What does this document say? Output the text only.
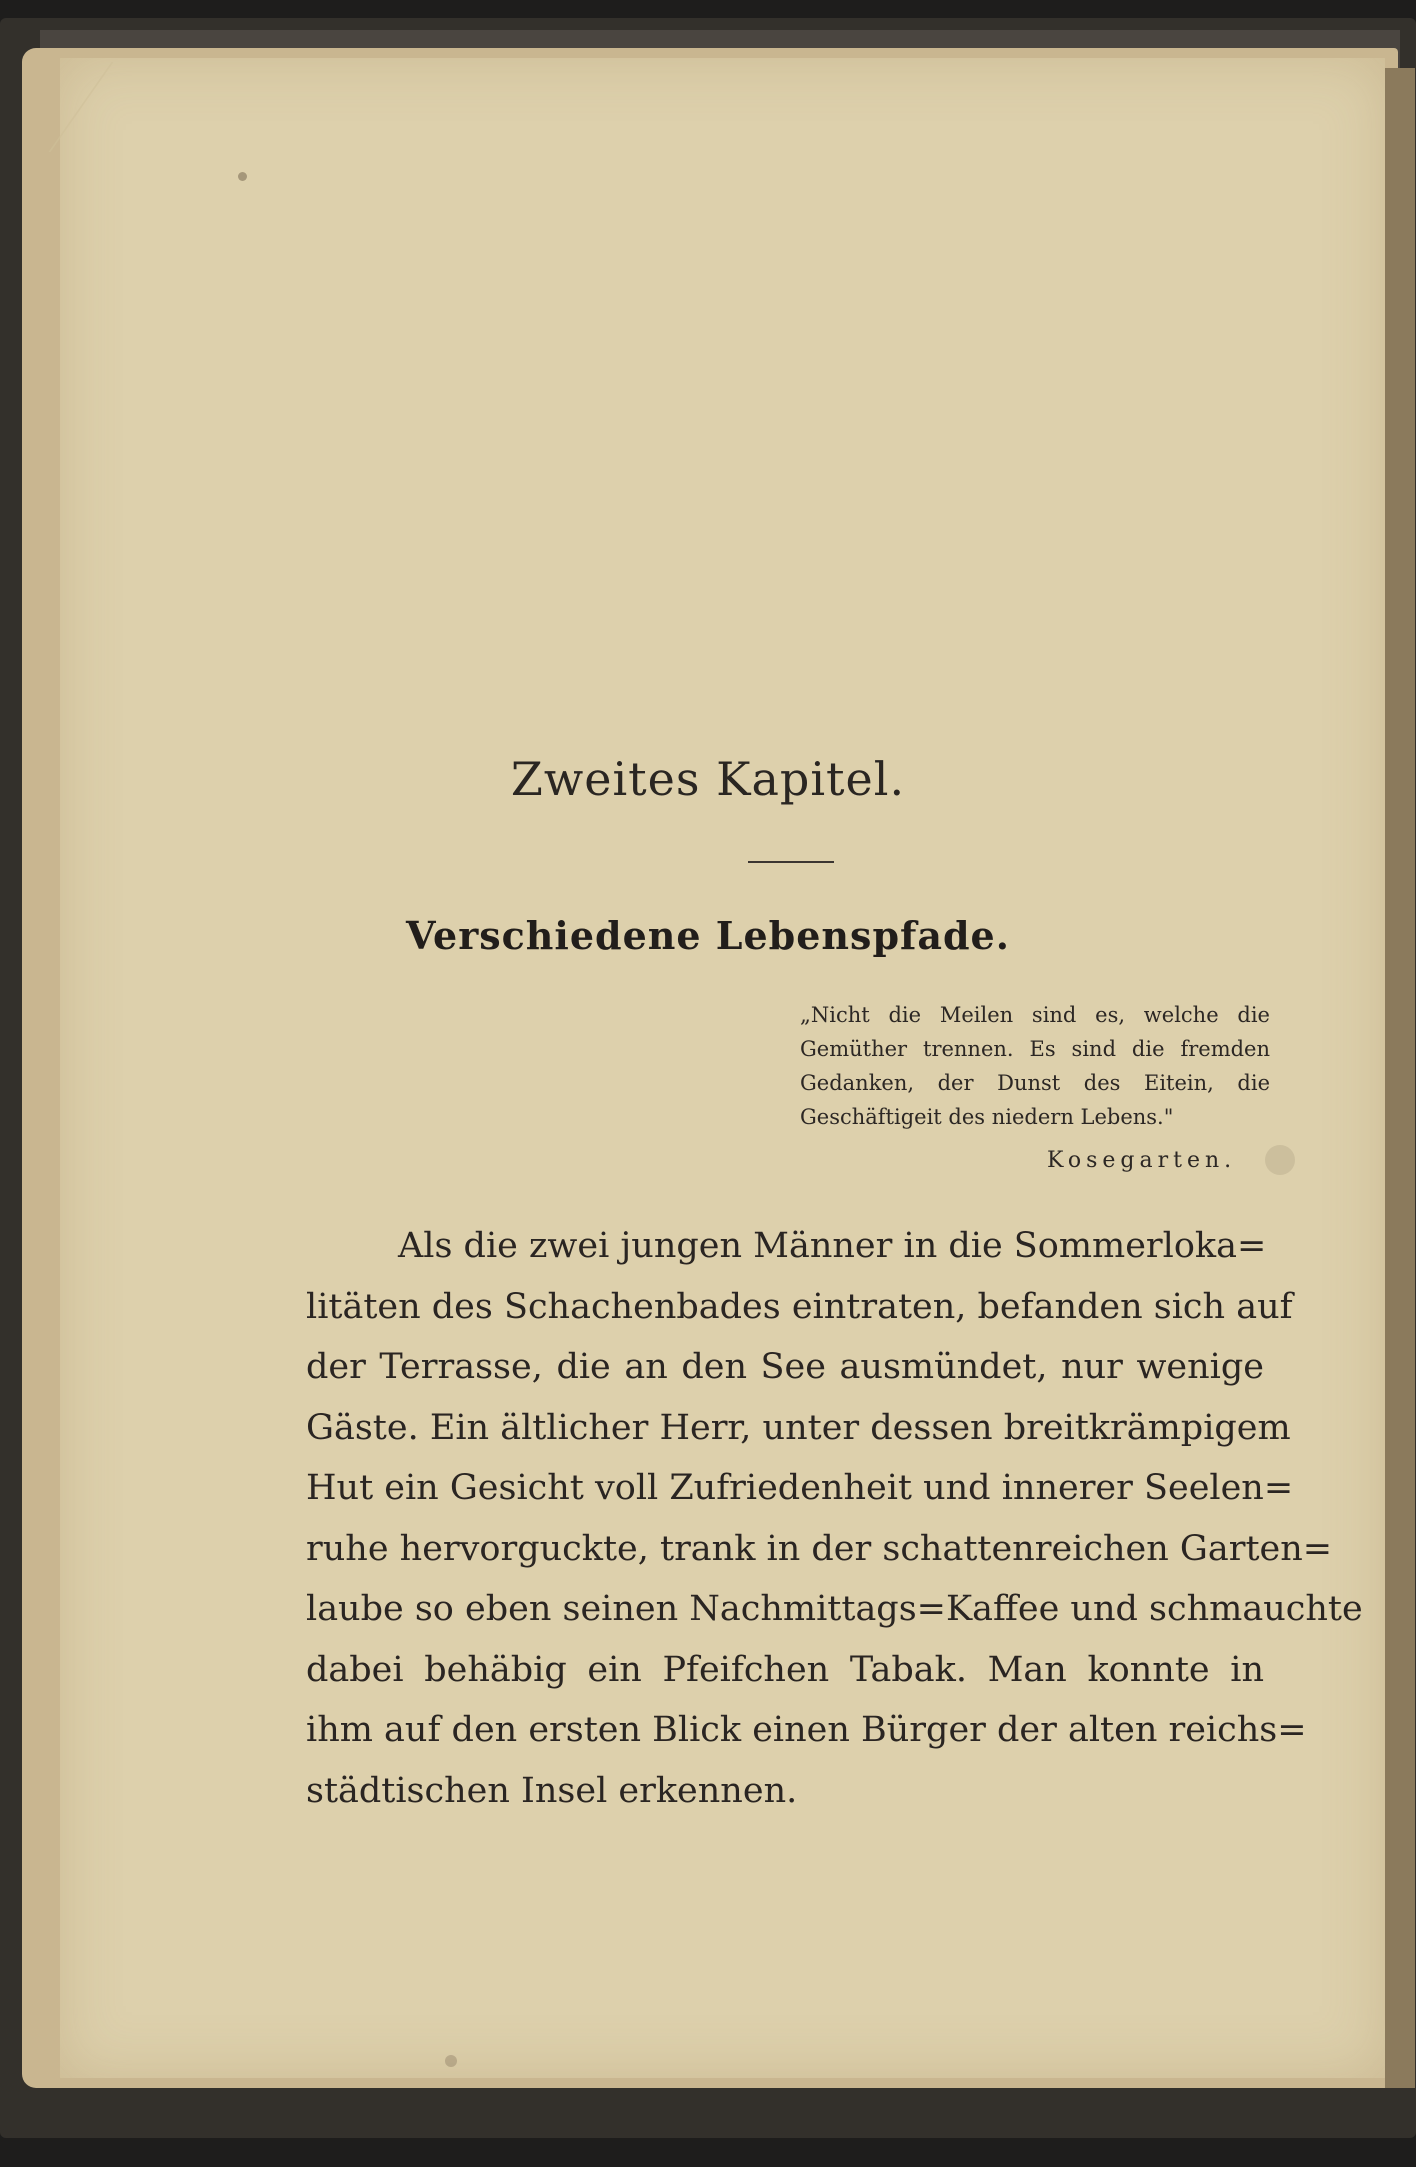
Zweites Kapitel.
Verschiedene Lebenspfade.
„Nicht die Meilen sind es, welche die
Gemüther trennen. Es sind die fremden
Gedanken, der Dunst des Eitein, die
Geschäftigeit des niedern Lebens."
Kosegarten.
Als die zwei jungen Männer in die Sommerloka=
litäten des Schachenbades eintraten, befanden sich auf
der Terrasse, die an den See ausmündet, nur wenige
Gäste. Ein ältlicher Herr, unter dessen breitkrämpigem
Hut ein Gesicht voll Zufriedenheit und innerer Seelen=
ruhe hervorguckte, trank in der schattenreichen Garten=
laube so eben seinen Nachmittags=Kaffee und schmauchte
dabei behäbig ein Pfeifchen Tabak. Man konnte in
ihm auf den ersten Blick einen Bürger der alten reichs=
städtischen Insel erkennen.
